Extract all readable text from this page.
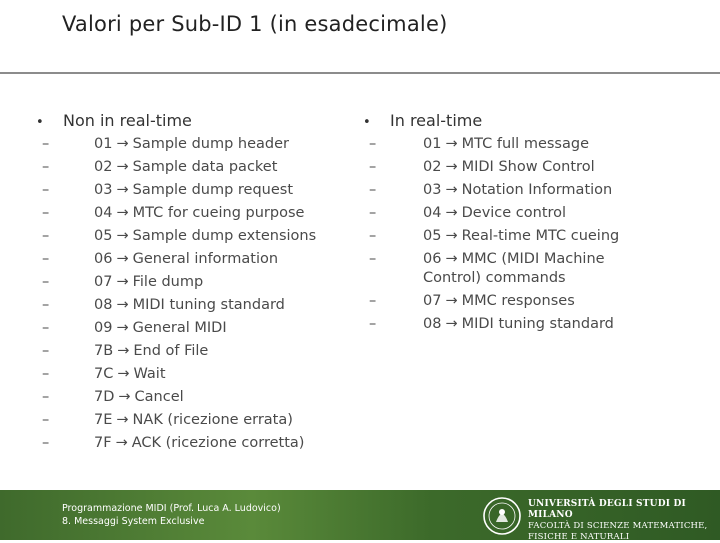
Valori per Sub-ID 1 (in esadecimale)
•	Non in real-time
–	01 → Sample dump header
–	02 → Sample data packet
–	03 → Sample dump request
–	04 → MTC for cueing purpose
–	05 → Sample dump extensions
–	06 → General information
–	07 → File dump
–	08 → MIDI tuning standard
–	09 → General MIDI
–	7B → End of File
–	7C → Wait
–	7D → Cancel
–	7E → NAK (ricezione errata)
–	7F → ACK (ricezione corretta)
•	In real-time
–	01 → MTC full message
–	02 → MIDI Show Control
–	03 → Notation Information
–	04 → Device control
–	05 → Real-time MTC cueing
–	06 → MMC (MIDI Machine Control) commands
–	07 → MMC responses
–	08 → MIDI tuning standard
Programmazione MIDI (Prof. Luca A. Ludovico)
8. Messaggi System Exclusive
UNIVERSITÀ DEGLI STUDI DI MILANO
FACOLTÀ DI SCIENZE MATEMATICHE,
FISICHE E NATURALI
